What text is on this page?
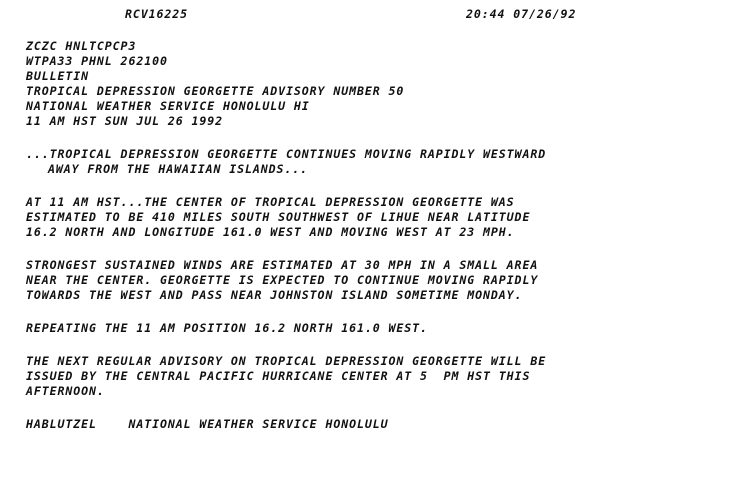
RCV16225	20:44 07/26/92
ZCZC HNLTCPCP3
WTPA33 PHNL 262100
BULLETIN
TROPICAL DEPRESSION GEORGETTE ADVISORY NUMBER 50
NATIONAL WEATHER SERVICE HONOLULU HI
11 AM HST SUN JUL 26 1992
...TROPICAL DEPRESSION GEORGETTE CONTINUES MOVING RAPIDLY WESTWARD
AWAY FROM THE HAWAIIAN ISLANDS...
AT 11 AM HST...THE CENTER OF TROPICAL DEPRESSION GEORGETTE WAS
ESTIMATED TO BE 410 MILES SOUTH SOUTHWEST OF LIHUE NEAR LATITUDE
16.2 NORTH AND LONGITUDE 161.0 WEST AND MOVING WEST AT 23 MPH.
STRONGEST SUSTAINED WINDS ARE ESTIMATED AT 30 MPH IN A SMALL AREA
NEAR THE CENTER. GEORGETTE IS EXPECTED TO CONTINUE MOVING RAPIDLY
TOWARDS THE WEST AND PASS NEAR JOHNSTON ISLAND SOMETIME MONDAY.
REPEATING THE 11 AM POSITION 16.2 NORTH 161.0 WEST.
THE NEXT REGULAR ADVISORY ON TROPICAL DEPRESSION GEORGETTE WILL BE
ISSUED BY THE CENTRAL PACIFIC HURRICANE CENTER AT 5  PM HST THIS
AFTERNOON.
HABLUTZEL    NATIONAL WEATHER SERVICE HONOLULU
